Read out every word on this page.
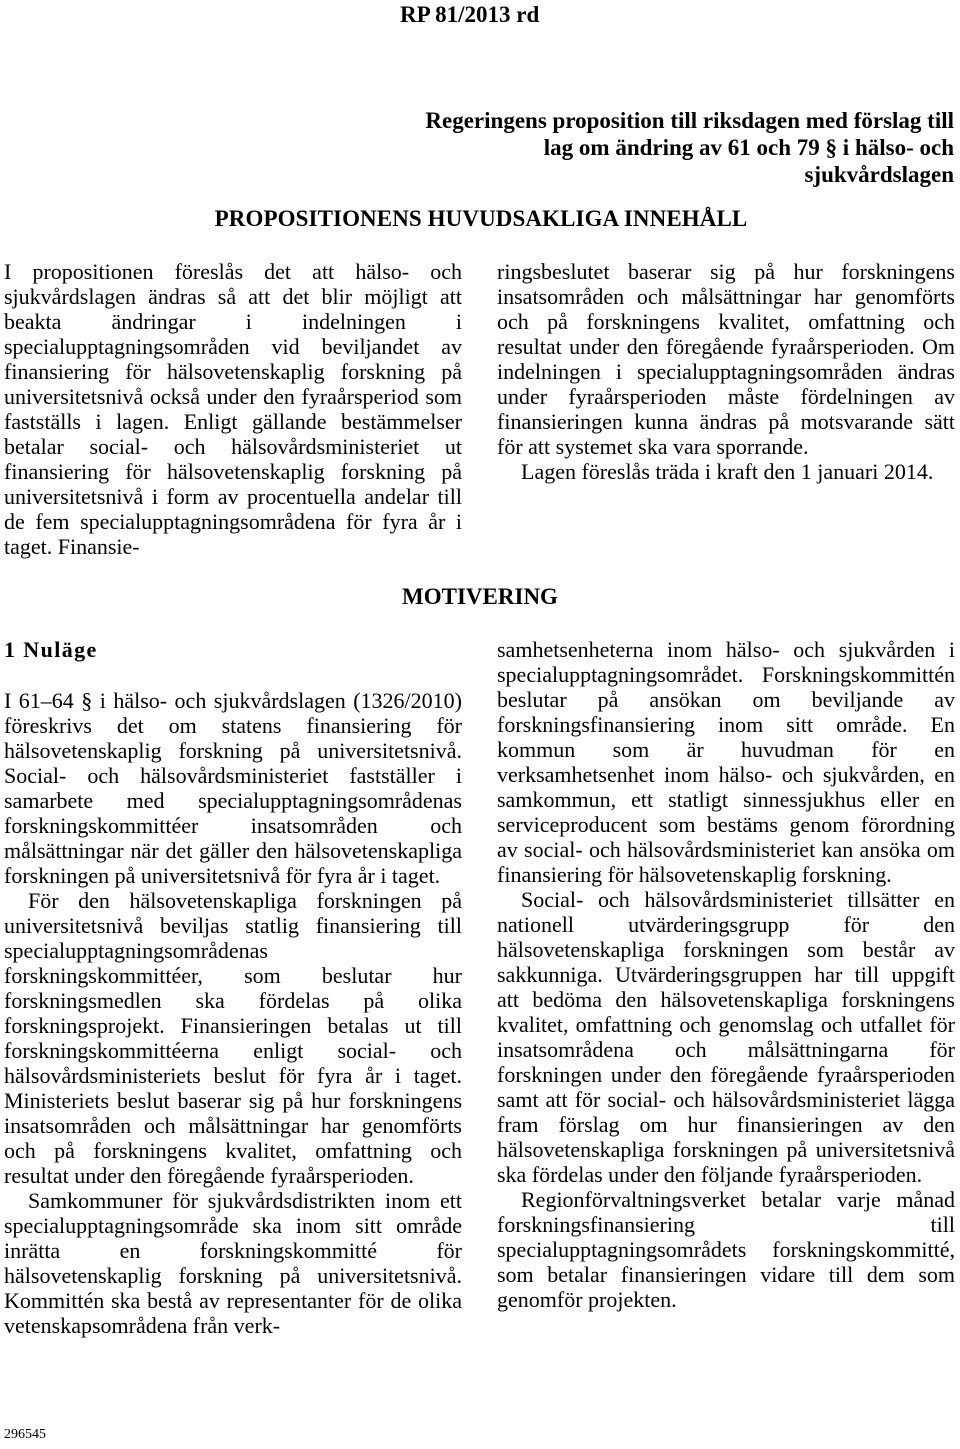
RP 81/2013 rd
Regeringens proposition till riksdagen med förslag till lag om ändring av 61 och 79 § i hälso- och sjukvårdslagen
PROPOSITIONENS HUVUDSAKLIGA INNEHÅLL

I propositionen föreslås det att hälso- och sjukvårdslagen ändras så att det blir möjligt att beakta ändringar i indelningen i specialupptagningsområden vid beviljandet av finansiering för hälsovetenskaplig forskning på universitetsnivå också under den fyraårsperiod som fastställs i lagen. Enligt gällande bestämmelser betalar social- och hälsovårdsministeriet ut finansiering för hälsovetenskaplig forskning på universitetsnivå i form av procentuella andelar till de fem specialupptagningsområdena för fyra år i taget. Finansie-

ringsbeslutet baserar sig på hur forskningens insatsområden och målsättningar har genomförts och på forskningens kvalitet, omfattning och resultat under den föregående fyraårsperioden. Om indelningen i specialupptagningsområden ändras under fyraårsperioden måste fördelningen av finansieringen kunna ändras på motsvarande sätt för att systemet ska vara sporrande.

Lagen föreslås träda i kraft den 1 januari 2014.

MOTIVERING
1 Nuläge

I 61–64 § i hälso- och sjukvårdslagen (1326/2010) föreskrivs det om statens finansiering för hälsovetenskaplig forskning på universitetsnivå. Social- och hälsovårdsministeriet fastställer i samarbete med specialupptagningsområdenas forskningskommittéer insatsområden och målsättningar när det gäller den hälsovetenskapliga forskningen på universitetsnivå för fyra år i taget.

För den hälsovetenskapliga forskningen på universitetsnivå beviljas statlig finansiering till specialupptagningsområdenas forskningskommittéer, som beslutar hur forskningsmedlen ska fördelas på olika forskningsprojekt. Finansieringen betalas ut till forskningskommittéerna enligt social- och hälsovårdsministeriets beslut för fyra år i taget. Ministeriets beslut baserar sig på hur forskningens insatsområden och målsättningar har genomförts och på forskningens kvalitet, omfattning och resultat under den föregående fyraårsperioden.

Samkommuner för sjukvårdsdistrikten inom ett specialupptagningsområde ska inom sitt område inrätta en forskningskommitté för hälsovetenskaplig forskning på universitetsnivå. Kommittén ska bestå av representanter för de olika vetenskapsområdena från verk-

samhetsenheterna inom hälso- och sjukvården i specialupptagningsområdet. Forskningskommittén beslutar på ansökan om beviljande av forskningsfinansiering inom sitt område. En kommun som är huvudman för en verksamhetsenhet inom hälso- och sjukvården, en samkommun, ett statligt sinnessjukhus eller en serviceproducent som bestäms genom förordning av social- och hälsovårdsministeriet kan ansöka om finansiering för hälsovetenskaplig forskning.

Social- och hälsovårdsministeriet tillsätter en nationell utvärderingsgrupp för den hälsovetenskapliga forskningen som består av sakkunniga. Utvärderingsgruppen har till uppgift att bedöma den hälsovetenskapliga forskningens kvalitet, omfattning och genomslag och utfallet för insatsområdena och målsättningarna för forskningen under den föregående fyraårsperioden samt att för social- och hälsovårdsministeriet lägga fram förslag om hur finansieringen av den hälsovetenskapliga forskningen på universitetsnivå ska fördelas under den följande fyraårsperioden.

Regionförvaltningsverket betalar varje månad forskningsfinansiering till specialupptagningsområdets forskningskommitté, som betalar finansieringen vidare till dem som genomför projekten.

296545
